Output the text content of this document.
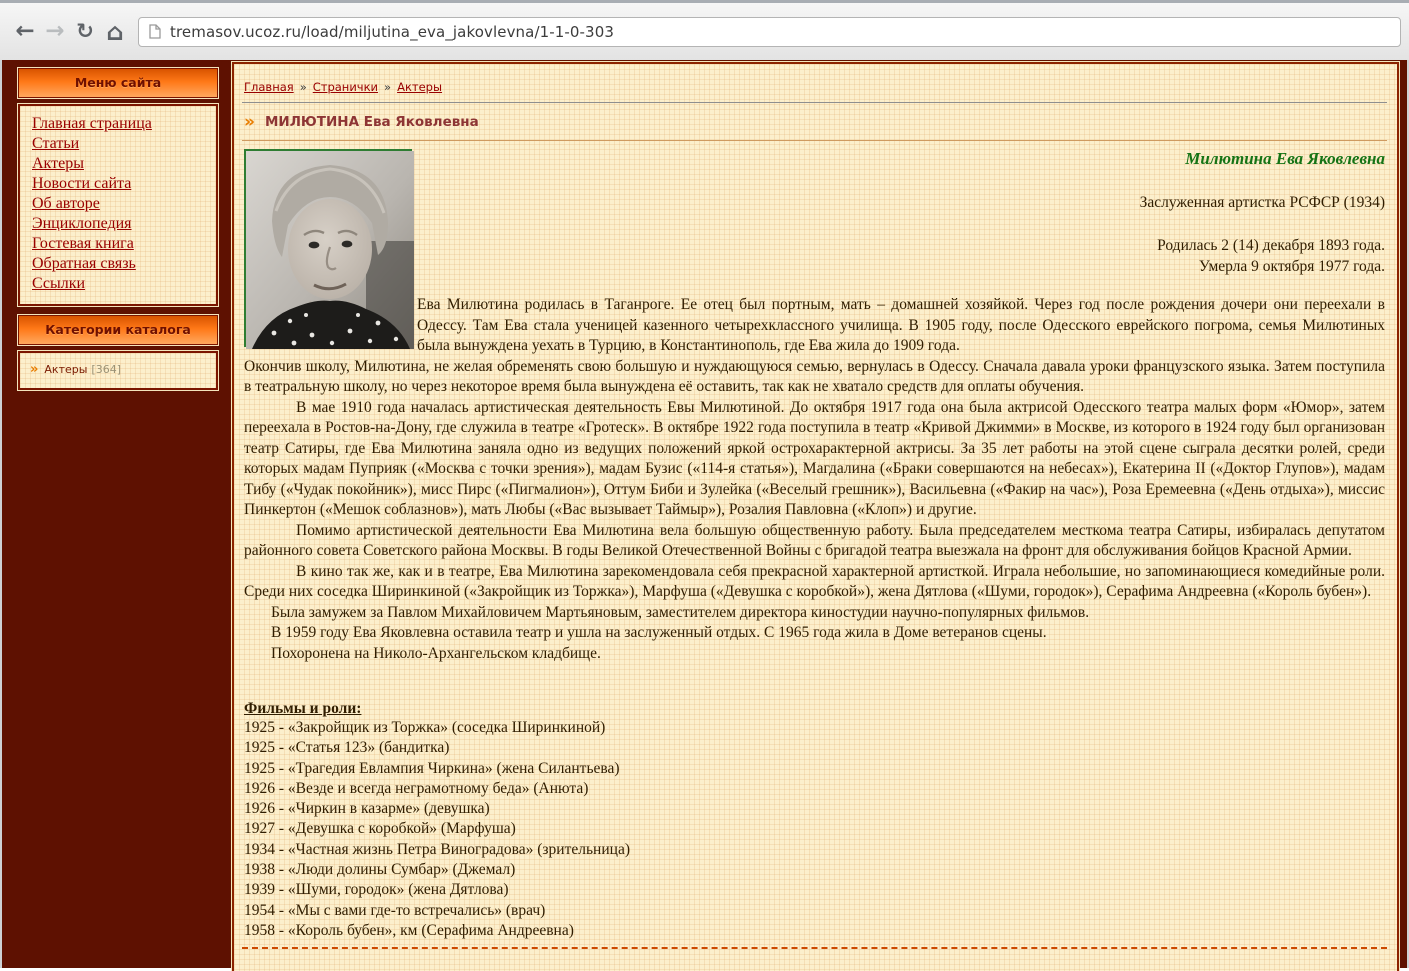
← → ↻ ⌂	tremasov.ucoz.ru/load/miljutina_eva_jakovlevna/1-1-0-303
Меню сайта
Главная страница
Статьи
Актеры
Новости сайта
Об авторе
Энциклопедия
Гостевая книга
Обратная связь
Ссылки
Категории каталога
» Актеры [364]
Главная » Странички » Актеры
» МИЛЮТИНА Ева Яковлевна
Милютина Ева Яковлевна
Заслуженная артистка РСФСР (1934)
Родилась 2 (14) декабря 1893 года.
Умерла 9 октября 1977 года.

Ева Милютина родилась в Таганроге. Ее отец был портным, мать – домашней хозяйкой. Через год после рождения дочери они переехали в Одессу. Там Ева стала ученицей казенного четырехклассного училища. В 1905 году, после Одесского еврейского погрома, семья Милютиных была вынуждена уехать в Турцию, в Константинополь, где Ева жила до 1909 года.

Окончив школу, Милютина, не желая обременять свою большую и нуждающуюся семью, вернулась в Одессу. Сначала давала уроки французского языка. Затем поступила в театральную школу, но через некоторое время была вынуждена её оставить, так как не хватало средств для оплаты обучения.

В мае 1910 года началась артистическая деятельность Евы Милютиной. До октября 1917 года она была актрисой Одесского театра малых форм «Юмор», затем переехала в Ростов-на-Дону, где служила в театре «Гротеск». В октябре 1922 года поступила в театр «Кривой Джимми» в Москве, из которого в 1924 году был организован театр Сатиры, где Ева Милютина заняла одно из ведущих положений яркой острохарактерной актрисы. За 35 лет работы на этой сцене сыграла десятки ролей, среди которых мадам Пуприяк («Москва с точки зрения»), мадам Бузис («114-я статья»), Магдалина («Браки совершаются на небесах»), Екатерина II («Доктор Глупов»), мадам Тибу («Чудак покойник»), мисс Пирс («Пигмалион»), Оттум Биби и Зулейка («Веселый грешник»), Васильевна («Факир на час»), Роза Еремеевна («День отдыха»), миссис Пинкертон («Мешок соблазнов»), мать Любы («Вас вызывает Таймыр»), Розалия Павловна («Клоп») и другие.

Помимо артистической деятельности Ева Милютина вела большую общественную работу. Была председателем месткома театра Сатиры, избиралась депутатом районного совета Советского района Москвы. В годы Великой Отечественной Войны с бригадой театра выезжала на фронт для обслуживания бойцов Красной Армии.

В кино так же, как и в театре, Ева Милютина зарекомендовала себя прекрасной характерной артисткой. Играла небольшие, но запоминающиеся комедийные роли. Среди них соседка Ширинкиной («Закройщик из Торжка»), Марфуша («Девушка с коробкой»), жена Дятлова («Шуми, городок»), Серафима Андреевна («Король бубен»).

Была замужем за Павлом Михайловичем Мартьяновым, заместителем директора киностудии научно-популярных фильмов.

В 1959 году Ева Яковлевна оставила театр и ушла на заслуженный отдых. С 1965 года жила в Доме ветеранов сцены.

Похоронена на Николо-Архангельском кладбище.

Фильмы и роли:
1925 - «Закройщик из Торжка» (соседка Ширинкиной)
1925 - «Статья 123» (бандитка)
1925 - «Трагедия Евлампия Чиркина» (жена Силантьева)
1926 - «Везде и всегда неграмотному беда» (Анюта)
1926 - «Чиркин в казарме» (девушка)
1927 - «Девушка с коробкой» (Марфуша)
1934 - «Частная жизнь Петра Виноградова» (зрительница)
1938 - «Люди долины Сумбар» (Джемал)
1939 - «Шуми, городок» (жена Дятлова)
1954 - «Мы с вами где-то встречались» (врач)
1958 - «Король бубен», км (Серафима Андреевна)
